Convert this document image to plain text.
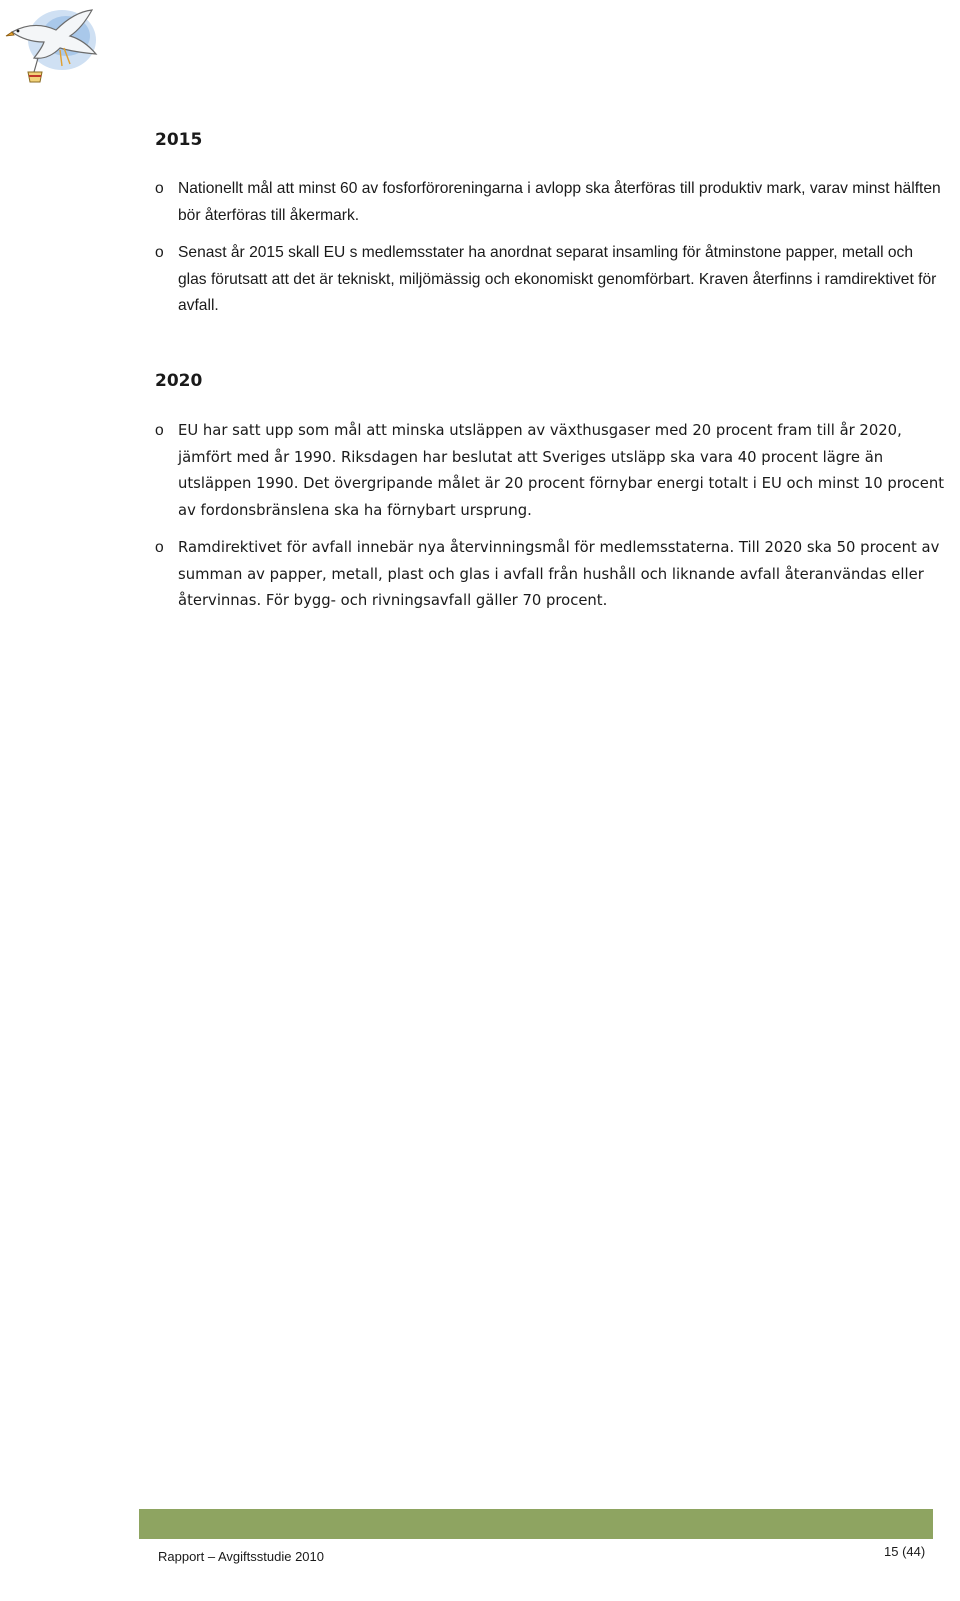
2015
o Nationellt mål att minst 60 av fosforföroreningarna i avlopp ska återföras till produktiv mark, varav minst hälften bör återföras till åkermark.
o Senast år 2015 skall EU s medlemsstater ha anordnat separat insamling för åtminstone papper, metall och glas förutsatt att det är tekniskt, miljömässig och ekonomiskt genomförbart. Kraven återfinns i ramdirektivet för avfall.
2020
o EU har satt upp som mål att minska utsläppen av växthusgaser med 20 procent fram till år 2020, jämfört med år 1990. Riksdagen har beslutat att Sveriges utsläpp ska vara 40 procent lägre än utsläppen 1990. Det övergripande målet är 20 procent förnybar energi totalt i EU och minst 10 procent av fordonsbränslena ska ha förnybart ursprung.
o Ramdirektivet för avfall innebär nya återvinningsmål för medlemsstaterna. Till 2020 ska 50 procent av summan av papper, metall, plast och glas i avfall från hushåll och liknande avfall återanvändas eller återvinnas. För bygg- och rivningsavfall gäller 70 procent.
Rapport – Avgiftsstudie 2010	15 (44)
